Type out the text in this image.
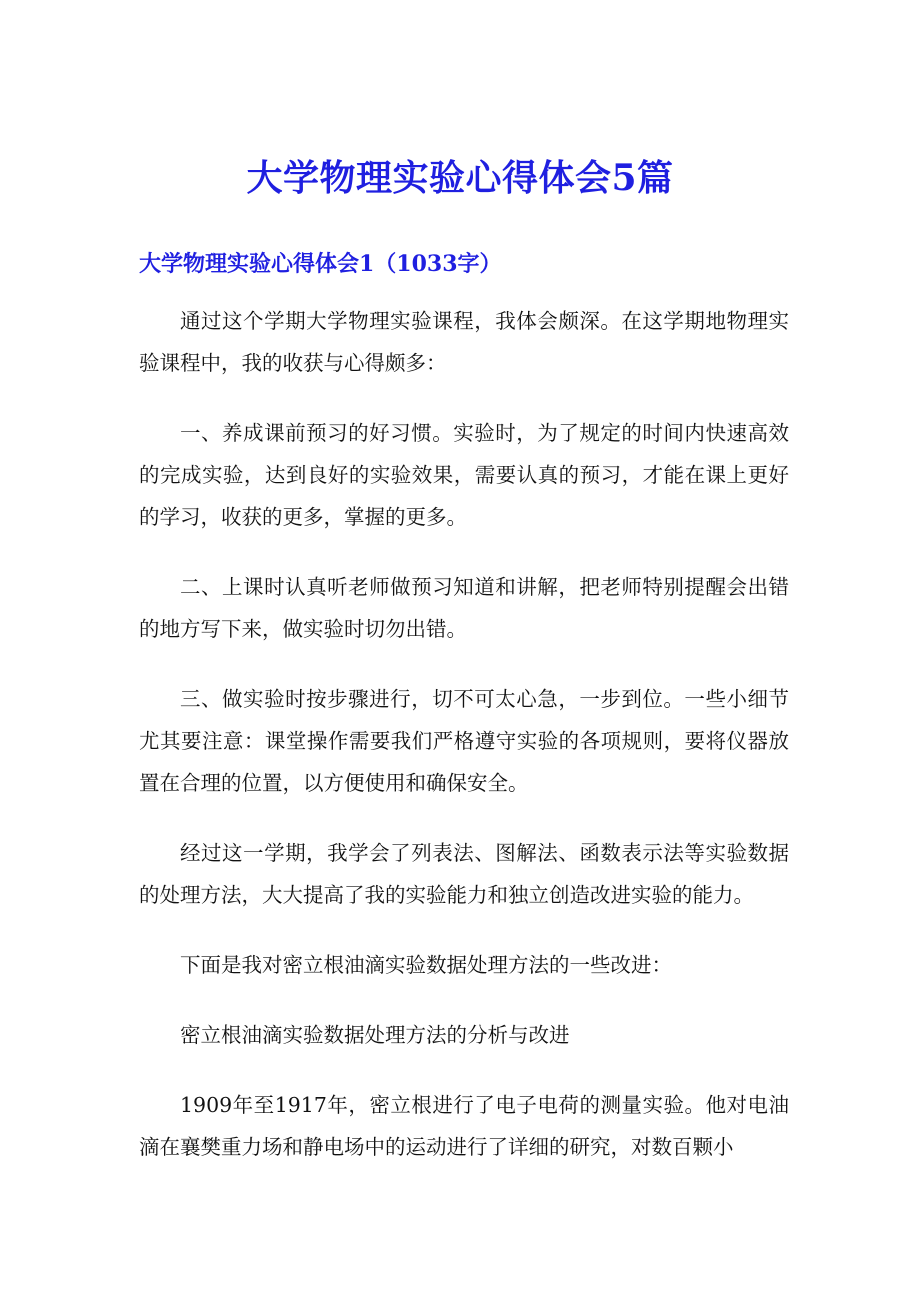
大学物理实验心得体会5篇
大学物理实验心得体会1（1033字）

通过这个学期大学物理实验课程，我体会颇深。在这学期地物理实验课程中，我的收获与心得颇多：

一、养成课前预习的好习惯。实验时，为了规定的时间内快速高效的完成实验，达到良好的实验效果，需要认真的预习，才能在课上更好的学习，收获的更多，掌握的更多。

二、上课时认真听老师做预习知道和讲解，把老师特别提醒会出错的地方写下来，做实验时切勿出错。

三、做实验时按步骤进行，切不可太心急，一步到位。一些小细节尤其要注意：课堂操作需要我们严格遵守实验的各项规则，要将仪器放置在合理的位置，以方便使用和确保安全。

经过这一学期，我学会了列表法、图解法、函数表示法等实验数据的处理方法，大大提高了我的实验能力和独立创造改进实验的能力。

下面是我对密立根油滴实验数据处理方法的一些改进：

密立根油滴实验数据处理方法的分析与改进

1909年至1917年，密立根进行了电子电荷的测量实验。他对电油滴在襄樊重力场和静电场中的运动进行了详细的研究，对数百颗小
